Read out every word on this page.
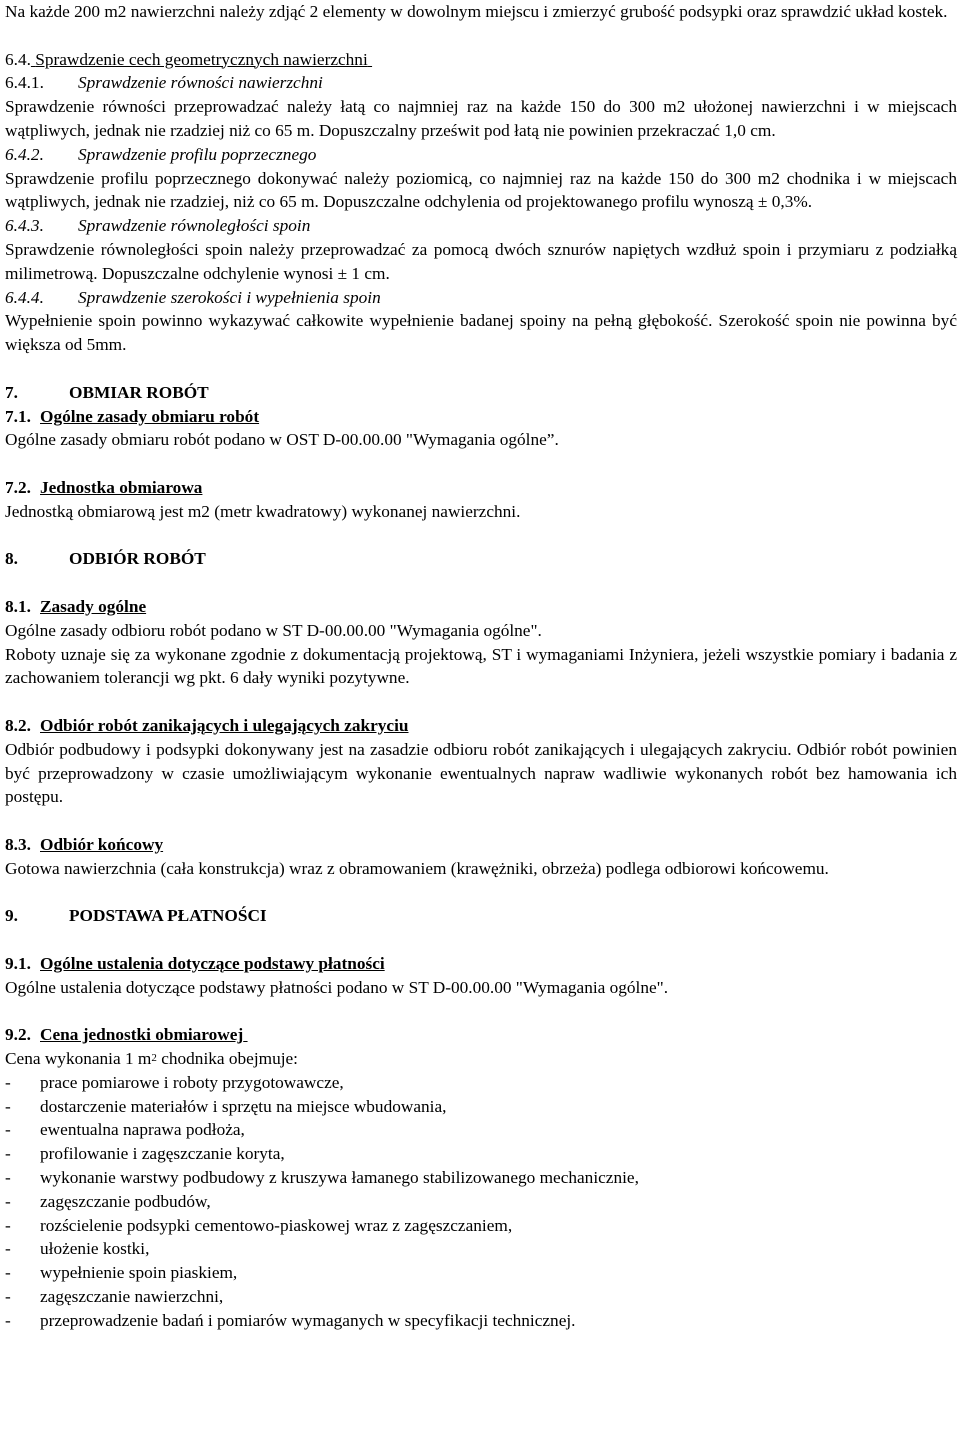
Na każde 200 m2 nawierzchni należy zdjąć 2 elementy w dowolnym miejscu i zmierzyć grubość podsypki oraz sprawdzić układ kostek.

6.4. Sprawdzenie cech geometrycznych nawierzchni

6.4.1. Sprawdzenie równości nawierzchni

Sprawdzenie równości przeprowadzać należy łatą co najmniej raz na każde 150 do 300 m2 ułożonej nawierzchni i w miejscach wątpliwych, jednak nie rzadziej niż co 65 m. Dopuszczalny prześwit pod łatą nie powinien przekraczać 1,0 cm.

6.4.2. Sprawdzenie profilu poprzecznego

Sprawdzenie profilu poprzecznego dokonywać należy poziomicą, co najmniej raz na każde 150 do 300 m2 chodnika i w miejscach wątpliwych, jednak nie rzadziej, niż co 65 m. Dopuszczalne odchylenia od projektowanego profilu wynoszą ± 0,3%.

6.4.3. Sprawdzenie równoległości spoin

Sprawdzenie równoległości spoin należy przeprowadzać za pomocą dwóch sznurów napiętych wzdłuż spoin i przymiaru z podziałką milimetrową. Dopuszczalne odchylenie wynosi ± 1 cm.

6.4.4. Sprawdzenie szerokości i wypełnienia spoin

Wypełnienie spoin powinno wykazywać całkowite wypełnienie badanej spoiny na pełną głębokość. Szerokość spoin nie powinna być większa od 5mm.

7.	OBMIAR ROBÓT

7.1. Ogólne zasady obmiaru robót

Ogólne zasady obmiaru robót podano w OST D-00.00.00 "Wymagania ogólne”.

7.2. Jednostka obmiarowa

Jednostką obmiarową jest m2 (metr kwadratowy) wykonanej nawierzchni.

8.	ODBIÓR ROBÓT

8.1. Zasady ogólne

Ogólne zasady odbioru robót podano w ST D-00.00.00 "Wymagania ogólne".

Roboty uznaje się za wykonane zgodnie z dokumentacją projektową, ST i wymaganiami Inżyniera, jeżeli wszystkie pomiary i badania z zachowaniem tolerancji wg pkt. 6 dały wyniki pozytywne.

8.2. Odbiór robót zanikających i ulegających zakryciu

Odbiór podbudowy i podsypki dokonywany jest na zasadzie odbioru robót zanikających i ulegających zakryciu. Odbiór robót powinien być przeprowadzony w czasie umożliwiającym wykonanie ewentualnych napraw wadliwie wykonanych robót bez hamowania ich postępu.

8.3. Odbiór końcowy

Gotowa nawierzchnia (cała konstrukcja) wraz z obramowaniem (krawężniki, obrzeża) podlega odbiorowi końcowemu.

9.	PODSTAWA PŁATNOŚCI

9.1. Ogólne ustalenia dotyczące podstawy płatności

Ogólne ustalenia dotyczące podstawy płatności podano w ST D-00.00.00 "Wymagania ogólne".

9.2. Cena jednostki obmiarowej

Cena wykonania 1 $m^2$ chodnika obejmuje:

- prace pomiarowe i roboty przygotowawcze,
- dostarczenie materiałów i sprzętu na miejsce wbudowania,
- ewentualna naprawa podłoża,
- profilowanie i zagęszczanie koryta,
- wykonanie warstwy podbudowy z kruszywa łamanego stabilizowanego mechanicznie,
- zagęszczanie podbudów,
- rozścielenie podsypki cementowo-piaskowej wraz z zagęszczaniem,
- ułożenie kostki,
- wypełnienie spoin piaskiem,
- zagęszczanie nawierzchni,
- przeprowadzenie badań i pomiarów wymaganych w specyfikacji technicznej.
